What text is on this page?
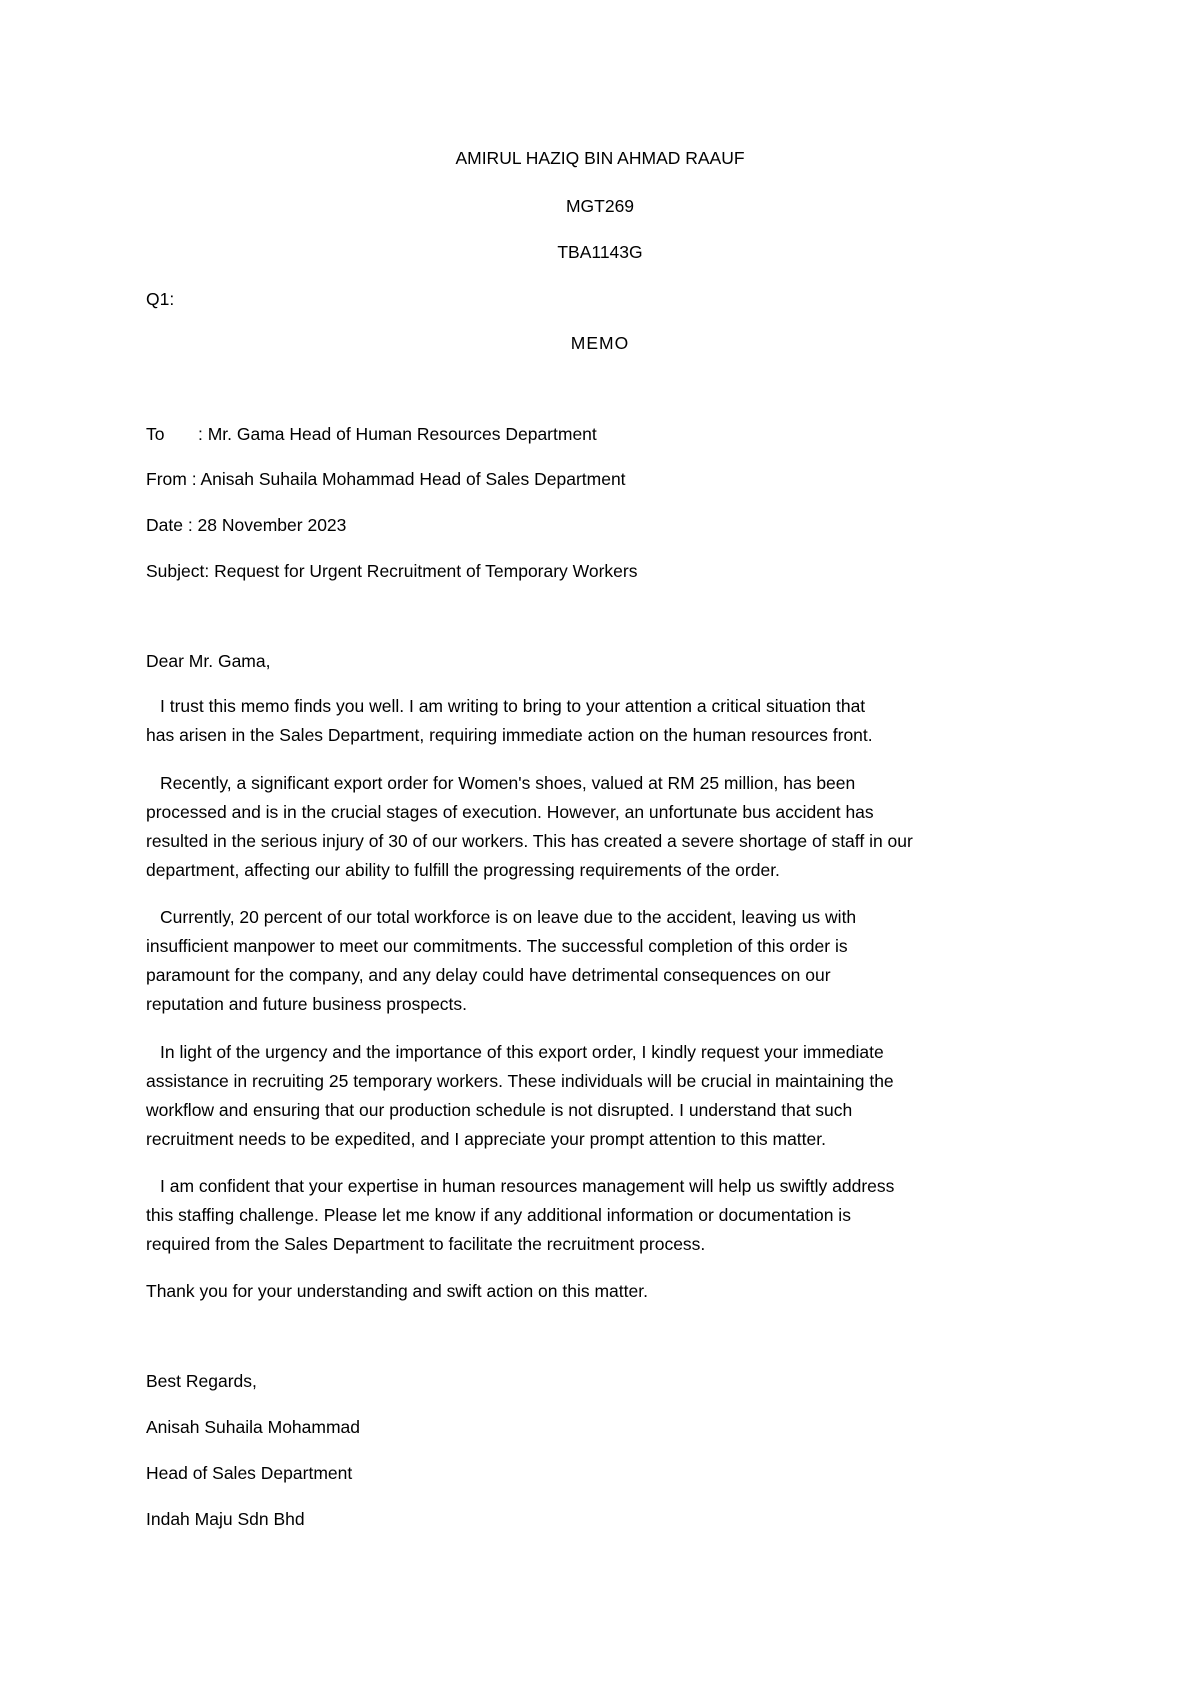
AMIRUL HAZIQ BIN AHMAD RAAUF
MGT269
TBA1143G
Q1:
MEMO
To : Mr. Gama Head of Human Resources Department
From : Anisah Suhaila Mohammad Head of Sales Department
Date : 28 November 2023
Subject: Request for Urgent Recruitment of Temporary Workers
Dear Mr. Gama,
I trust this memo finds you well. I am writing to bring to your attention a critical situation that
has arisen in the Sales Department, requiring immediate action on the human resources front.
Recently, a significant export order for Women's shoes, valued at RM 25 million, has been
processed and is in the crucial stages of execution. However, an unfortunate bus accident has
resulted in the serious injury of 30 of our workers. This has created a severe shortage of staff in our
department, affecting our ability to fulfill the progressing requirements of the order.
Currently, 20 percent of our total workforce is on leave due to the accident, leaving us with
insufficient manpower to meet our commitments. The successful completion of this order is
paramount for the company, and any delay could have detrimental consequences on our
reputation and future business prospects.
In light of the urgency and the importance of this export order, I kindly request your immediate
assistance in recruiting 25 temporary workers. These individuals will be crucial in maintaining the
workflow and ensuring that our production schedule is not disrupted. I understand that such
recruitment needs to be expedited, and I appreciate your prompt attention to this matter.
I am confident that your expertise in human resources management will help us swiftly address
this staffing challenge. Please let me know if any additional information or documentation is
required from the Sales Department to facilitate the recruitment process.
Thank you for your understanding and swift action on this matter.
Best Regards,
Anisah Suhaila Mohammad
Head of Sales Department
Indah Maju Sdn Bhd
